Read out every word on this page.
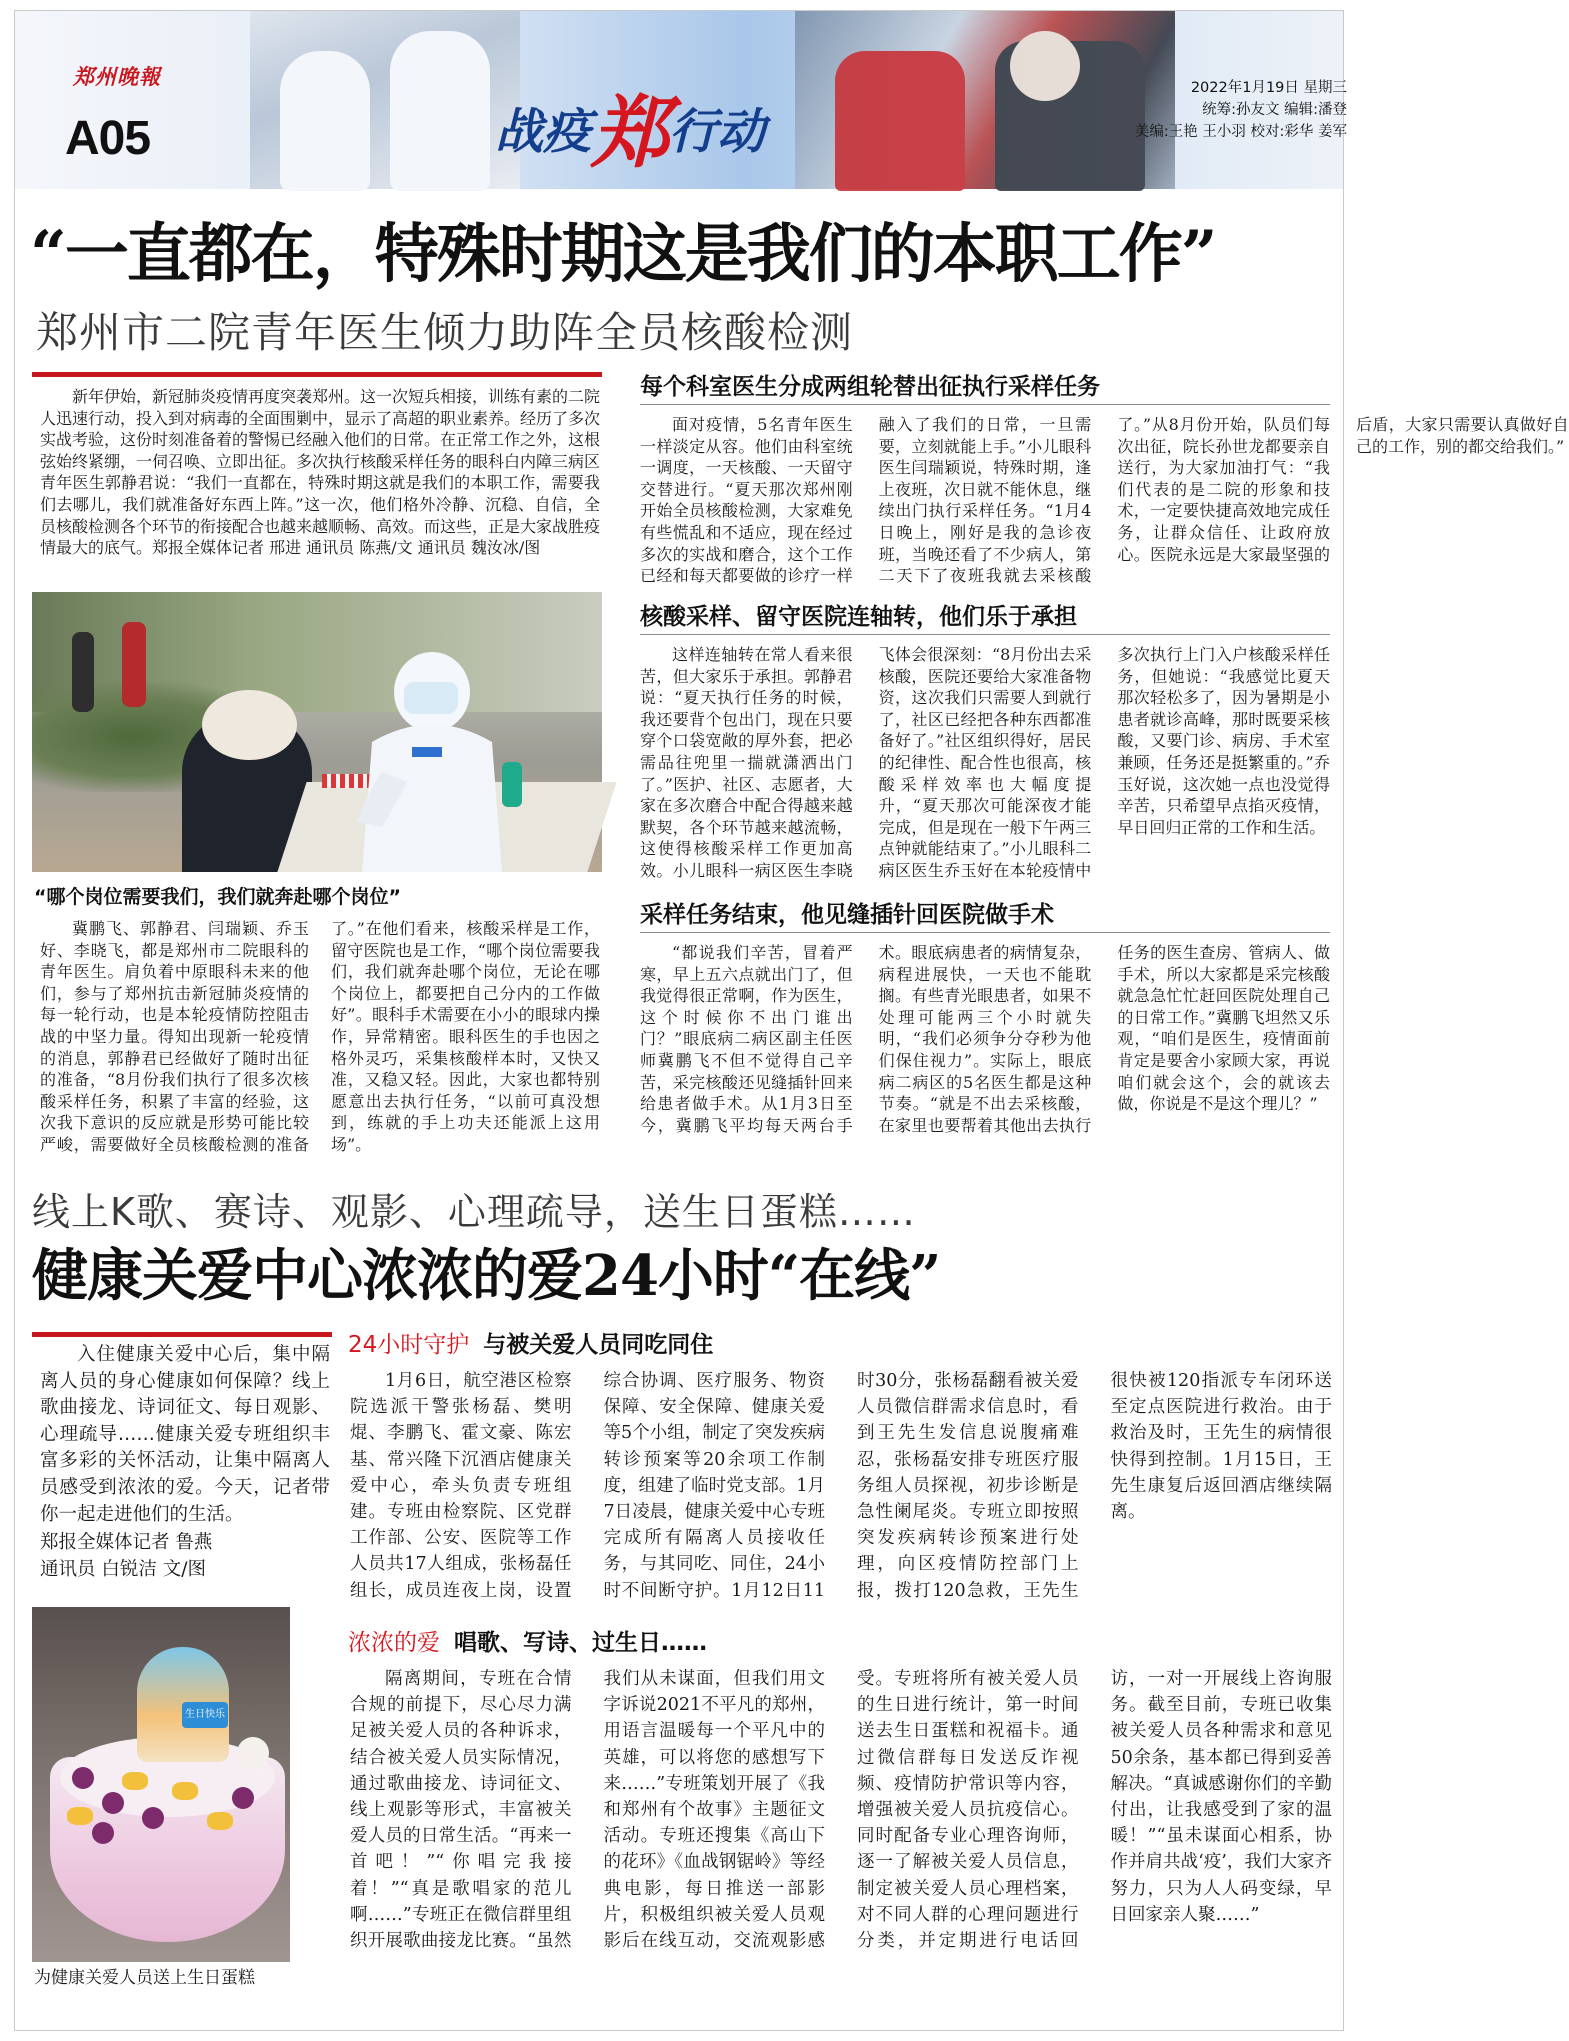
郑州晚報
A05	战疫郑行动
2022年1月19日 星期三
统筹:孙友文 编辑:潘登
美编:王艳 王小羽 校对:彩华 姜军
“一直都在，特殊时期这是我们的本职工作”
郑州市二院青年医生倾力助阵全员核酸检测

新年伊始，新冠肺炎疫情再度突袭郑州。这一次短兵相接，训练有素的二院人迅速行动，投入到对病毒的全面围剿中，显示了高超的职业素养。经历了多次实战考验，这份时刻准备着的警惕已经融入他们的日常。在正常工作之外，这根弦始终紧绷，一伺召唤、立即出征。多次执行核酸采样任务的眼科白内障三病区青年医生郭静君说：“我们一直都在，特殊时期这就是我们的本职工作，需要我们去哪儿，我们就准备好东西上阵。”这一次，他们格外冷静、沉稳、自信，全员核酸检测各个环节的衔接配合也越来越顺畅、高效。而这些，正是大家战胜疫情最大的底气。郑报全媒体记者 邢进 通讯员 陈燕/文 通讯员 魏汝冰/图

“哪个岗位需要我们，我们就奔赴哪个岗位”

冀鹏飞、郭静君、闫瑞颖、乔玉好、李晓飞，都是郑州市二院眼科的青年医生。肩负着中原眼科未来的他们，参与了郑州抗击新冠肺炎疫情的每一轮行动，也是本轮疫情防控阻击战的中坚力量。得知出现新一轮疫情的消息，郭静君已经做好了随时出征的准备，“8月份我们执行了很多次核酸采样任务，积累了丰富的经验，这次我下意识的反应就是形势可能比较严峻，需要做好全员核酸检测的准备了。”在他们看来，核酸采样是工作，留守医院也是工作，“哪个岗位需要我们，我们就奔赴哪个岗位，无论在哪个岗位上，都要把自己分内的工作做好”。眼科手术需要在小小的眼球内操作，异常精密。眼科医生的手也因之格外灵巧，采集核酸样本时，又快又准，又稳又轻。因此，大家也都特别愿意出去执行任务，“以前可真没想到，练就的手上功夫还能派上这用场”。

每个科室医生分成两组轮替出征执行采样任务

面对疫情，5名青年医生一样淡定从容。他们由科室统一调度，一天核酸、一天留守交替进行。“夏天那次郑州刚开始全员核酸检测，大家难免有些慌乱和不适应，现在经过多次的实战和磨合，这个工作已经和每天都要做的诊疗一样融入了我们的日常，一旦需要，立刻就能上手。”小儿眼科医生闫瑞颖说，特殊时期，逢上夜班，次日就不能休息，继续出门执行采样任务。“1月4日晚上，刚好是我的急诊夜班，当晚还看了不少病人，第二天下了夜班我就去采核酸了。”从8月份开始，队员们每次出征，院长孙世龙都要亲自送行，为大家加油打气：“我们代表的是二院的形象和技术，一定要快捷高效地完成任务，让群众信任、让政府放心。医院永远是大家最坚强的后盾，大家只需要认真做好自己的工作，别的都交给我们。”

核酸采样、留守医院连轴转，他们乐于承担

这样连轴转在常人看来很苦，但大家乐于承担。郭静君说：“夏天执行任务的时候，我还要背个包出门，现在只要穿个口袋宽敞的厚外套，把必需品往兜里一揣就潇洒出门了。”医护、社区、志愿者，大家在多次磨合中配合得越来越默契，各个环节越来越流畅，这使得核酸采样工作更加高效。小儿眼科一病区医生李晓飞体会很深刻：“8月份出去采核酸，医院还要给大家准备物资，这次我们只需要人到就行了，社区已经把各种东西都准备好了。”社区组织得好，居民的纪律性、配合性也很高，核酸采样效率也大幅度提升，“夏天那次可能深夜才能完成，但是现在一般下午两三点钟就能结束了。”小儿眼科二病区医生乔玉好在本轮疫情中多次执行上门入户核酸采样任务，但她说：“我感觉比夏天那次轻松多了，因为暑期是小患者就诊高峰，那时既要采核酸，又要门诊、病房、手术室兼顾，任务还是挺繁重的。”乔玉好说，这次她一点也没觉得辛苦，只希望早点掐灭疫情，早日回归正常的工作和生活。

采样任务结束，他见缝插针回医院做手术

“都说我们辛苦，冒着严寒，早上五六点就出门了，但我觉得很正常啊，作为医生，这个时候你不出门谁出门？”眼底病二病区副主任医师冀鹏飞不但不觉得自己辛苦，采完核酸还见缝插针回来给患者做手术。从1月3日至今，冀鹏飞平均每天两台手术。眼底病患者的病情复杂，病程进展快，一天也不能耽搁。有些青光眼患者，如果不处理可能两三个小时就失明，“我们必须争分夺秒为他们保住视力”。实际上，眼底病二病区的5名医生都是这种节奏。“就是不出去采核酸，在家里也要帮着其他出去执行任务的医生查房、管病人、做手术，所以大家都是采完核酸就急急忙忙赶回医院处理自己的日常工作。”冀鹏飞坦然又乐观，“咱们是医生，疫情面前肯定是要舍小家顾大家，再说咱们就会这个，会的就该去做，你说是不是这个理儿？”

线上K歌、赛诗、观影、心理疏导，送生日蛋糕……
健康关爱中心浓浓的爱24小时“在线”

入住健康关爱中心后，集中隔离人员的身心健康如何保障？线上歌曲接龙、诗词征文、每日观影、心理疏导……健康关爱专班组织丰富多彩的关怀活动，让集中隔离人员感受到浓浓的爱。今天，记者带你一起走进他们的生活。

郑报全媒体记者 鲁燕
通讯员 白锐洁 文/图
生日快乐
为健康关爱人员送上生日蛋糕
24小时守护 与被关爱人员同吃同住

1月6日，航空港区检察院选派干警张杨磊、樊明焜、李鹏飞、霍文豪、陈宏基、常兴隆下沉酒店健康关爱中心，牵头负责专班组建。专班由检察院、区党群工作部、公安、医院等工作人员共17人组成，张杨磊任组长，成员连夜上岗，设置综合协调、医疗服务、物资保障、安全保障、健康关爱等5个小组，制定了突发疾病转诊预案等20余项工作制度，组建了临时党支部。1月7日凌晨，健康关爱中心专班完成所有隔离人员接收任务，与其同吃、同住，24小时不间断守护。1月12日11时30分，张杨磊翻看被关爱人员微信群需求信息时，看到王先生发信息说腹痛难忍，张杨磊安排专班医疗服务组人员探视，初步诊断是急性阑尾炎。专班立即按照突发疾病转诊预案进行处理，向区疫情防控部门上报，拨打120急救，王先生很快被120指派专车闭环送至定点医院进行救治。由于救治及时，王先生的病情很快得到控制。1月15日，王先生康复后返回酒店继续隔离。

浓浓的爱 唱歌、写诗、过生日……

隔离期间，专班在合情合规的前提下，尽心尽力满足被关爱人员的各种诉求，结合被关爱人员实际情况，通过歌曲接龙、诗词征文、线上观影等形式，丰富被关爱人员的日常生活。“再来一首吧！”“你唱完我接着！”“真是歌唱家的范儿啊……”专班正在微信群里组织开展歌曲接龙比赛。“虽然我们从未谋面，但我们用文字诉说2021不平凡的郑州，用语言温暖每一个平凡中的英雄，可以将您的感想写下来……”专班策划开展了《我和郑州有个故事》主题征文活动。专班还搜集《高山下的花环》《血战钢锯岭》等经典电影，每日推送一部影片，积极组织被关爱人员观影后在线互动，交流观影感受。专班将所有被关爱人员的生日进行统计，第一时间送去生日蛋糕和祝福卡。通过微信群每日发送反诈视频、疫情防护常识等内容，增强被关爱人员抗疫信心。同时配备专业心理咨询师，逐一了解被关爱人员信息，制定被关爱人员心理档案，对不同人群的心理问题进行分类，并定期进行电话回访，一对一开展线上咨询服务。截至目前，专班已收集被关爱人员各种需求和意见50余条，基本都已得到妥善解决。“真诚感谢你们的辛勤付出，让我感受到了家的温暖！”“虽未谋面心相系，协作并肩共战‘疫’，我们大家齐努力，只为人人码变绿，早日回家亲人聚……”
